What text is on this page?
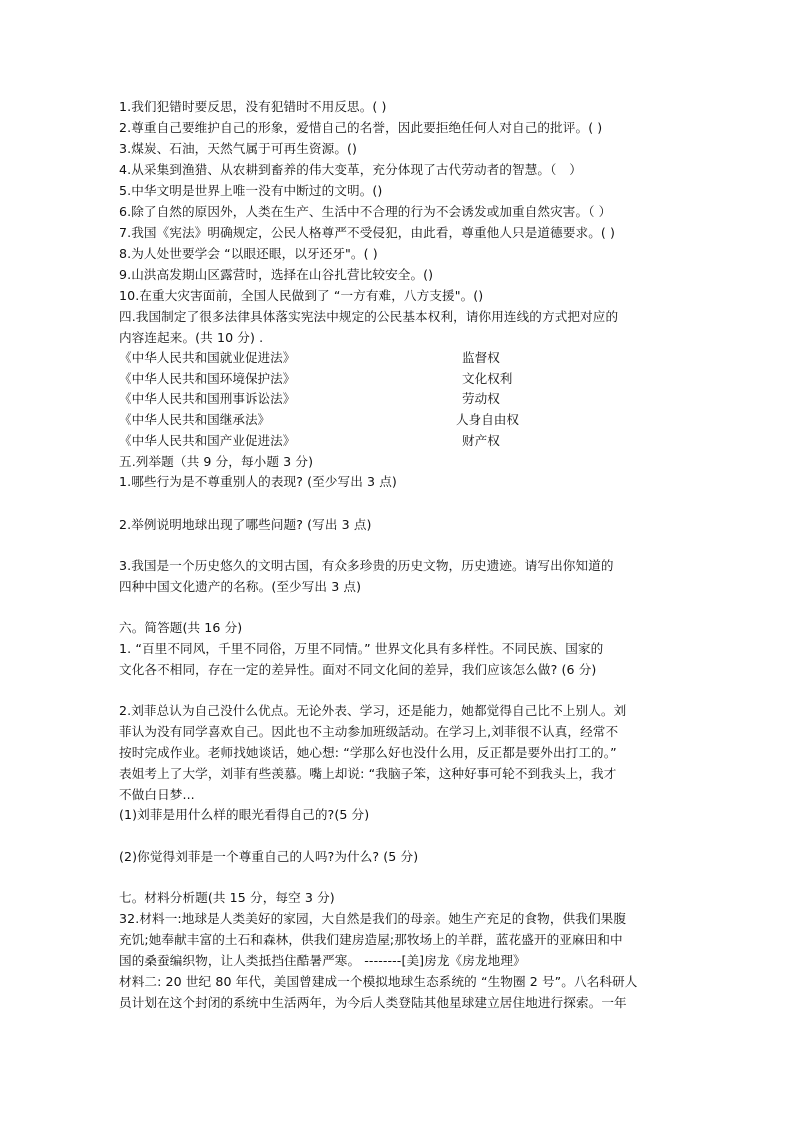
1.我们犯错时要反思，没有犯错时不用反思。( )
2.尊重自己要维护自己的形象，爱惜自己的名誉，因此要拒绝任何人对自己的批评。( )
3.煤炭、石油，天然气属于可再生资源。()
4.从采集到渔猎、从农耕到畜养的伟大变革，充分体现了古代劳动者的智慧。（　）
5.中华文明是世界上唯一没有中断过的文明。()
6.除了自然的原因外，人类在生产、生活中不合理的行为不会诱发或加重自然灾害。（ ）
7.我国《宪法》明确规定，公民人格尊严不受侵犯，由此看，尊重他人只是道德要求。( )
8.为人处世要学会 “以眼还眼，以牙还牙"。( )
9.山洪高发期山区露营时，选择在山谷扎营比较安全。()
10.在重大灾害面前，全国人民做到了 “一方有难，八方支援"。()
四.我国制定了很多法律具体落实宪法中规定的公民基本权利，请你用连线的方式把对应的
内容连起来。(共 10 分) .
《中华人民共和国就业促进法》
《中华人民共和国环境保护法》
《中华人民共和国刑事诉讼法》
《中华人民共和国继承法》
《中华人民共和国产业促进法》
监督权
文化权利
劳动权
人身自由权
财产权
五.列举题（共 9 分，每小题 3 分)
1.哪些行为是不尊重别人的表现? (至少写出 3 点)
2.举例说明地球出现了哪些问题? (写出 3 点)
3.我国是一个历史悠久的文明古国，有众多珍贵的历史文物，历史遗迹。请写出你知道的
四种中国文化遗产的名称。(至少写出 3 点)
六。简答题(共 16 分)
1. “百里不同风，千里不同俗，万里不同情。” 世界文化具有多样性。不同民族、国家的
文化各不相同，存在一定的差异性。面对不同文化间的差异，我们应该怎么做? (6 分)
2.刘菲总认为自己没什么优点。无论外表、学习，还是能力，她都觉得自己比不上别人。刘
菲认为没有同学喜欢自己。因此也不主动参加班级話动。在学习上,刘菲很不认真，经常不
按时完成作业。老师找她谈话，她心想: “学那么好也没什么用，反正都是要外出打工的。”
表姐考上了大学，刘菲有些羡慕。嘴上却说: “我脑子笨，这种好事可轮不到我头上，我才
不做白日梦...
(1)刘菲是用什么样的眼光看得自己的?(5 分)
(2)你觉得刘菲是一个尊重自己的人吗?为什么? (5 分)
七。材料分析题(共 15 分，每空 3 分)
32.材料一:地球是人类美好的家园，大自然是我们的母亲。她生产充足的食物，供我们果腹
充饥;她奉献丰富的土石和森林，供我们建房造屋;那牧场上的羊群，蓝花盛开的亚麻田和中
国的桑蚕编织物，让人类抵挡住酷暑严寒。 --------[美]房龙《房龙地理》
材料二: 20 世纪 80 年代，美国曾建成一个模拟地球生态系统的 “生物圈 2 号”。八名科研人
员计划在这个封闭的系统中生活两年，为今后人类登陆其他星球建立居住地进行探索。一年
